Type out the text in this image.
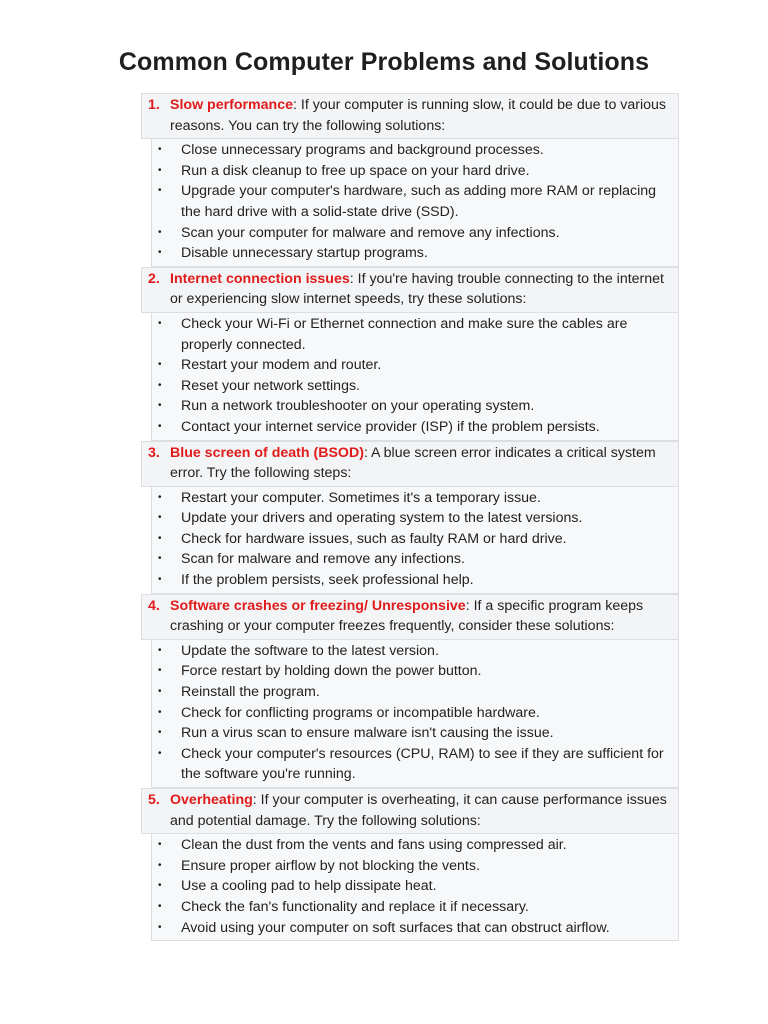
Common Computer Problems and Solutions
1. Slow performance: If your computer is running slow, it could be due to various reasons. You can try the following solutions:
•	Close unnecessary programs and background processes.
•	Run a disk cleanup to free up space on your hard drive.
•	Upgrade your computer's hardware, such as adding more RAM or replacing the hard drive with a solid-state drive (SSD).
•	Scan your computer for malware and remove any infections.
•	Disable unnecessary startup programs.
2. Internet connection issues: If you're having trouble connecting to the internet or experiencing slow internet speeds, try these solutions:
•	Check your Wi-Fi or Ethernet connection and make sure the cables are properly connected.
•	Restart your modem and router.
•	Reset your network settings.
•	Run a network troubleshooter on your operating system.
•	Contact your internet service provider (ISP) if the problem persists.
3. Blue screen of death (BSOD): A blue screen error indicates a critical system error. Try the following steps:
•	Restart your computer. Sometimes it's a temporary issue.
•	Update your drivers and operating system to the latest versions.
•	Check for hardware issues, such as faulty RAM or hard drive.
•	Scan for malware and remove any infections.
•	If the problem persists, seek professional help.
4. Software crashes or freezing/ Unresponsive: If a specific program keeps crashing or your computer freezes frequently, consider these solutions:
•	Update the software to the latest version.
•	Force restart by holding down the power button.
•	Reinstall the program.
•	Check for conflicting programs or incompatible hardware.
•	Run a virus scan to ensure malware isn't causing the issue.
•	Check your computer's resources (CPU, RAM) to see if they are sufficient for the software you're running.
5. Overheating: If your computer is overheating, it can cause performance issues and potential damage. Try the following solutions:
•	Clean the dust from the vents and fans using compressed air.
•	Ensure proper airflow by not blocking the vents.
•	Use a cooling pad to help dissipate heat.
•	Check the fan's functionality and replace it if necessary.
•	Avoid using your computer on soft surfaces that can obstruct airflow.
